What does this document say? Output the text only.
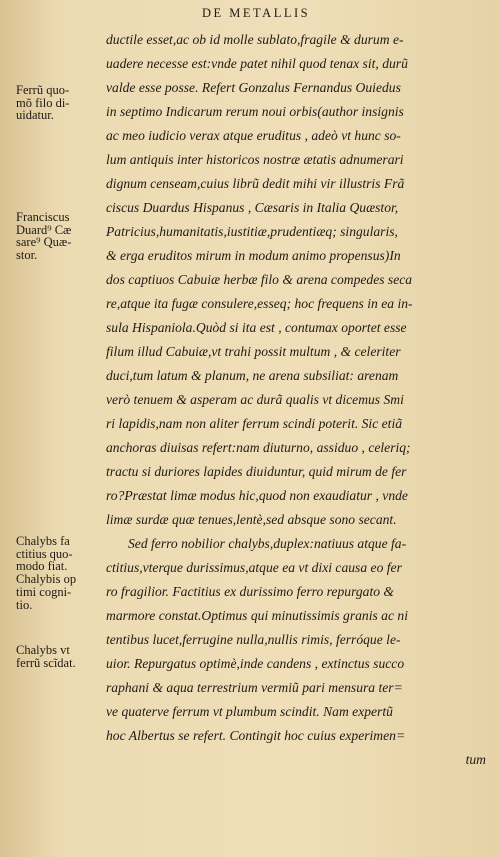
DE METALLIS
ductile esset,ac ob id molle sublato,fragile & durum e-
uadere necesse est:vnde patet nihil quod tenax sit, durũ
valde esse posse. Refert Gonzalus Fernandus Ouiedus
in septimo Indicarum rerum noui orbis(author insignis
ac meo iudicio verax atque eruditus , adeò vt hunc so-
lum antiquis inter historicos nostræ ætatis adnumerari
dignum censeam,cuius librũ dedit mihi vir illustris Frã
ciscus Duardus Hispanus , Cæsaris in Italia Quæstor,
Patricius,humanitatis,iustitiæ,prudentiæq; singularis,
& erga eruditos mirum in modum animo propensus)In
dos captiuos Cabuiæ herbæ filo & arena compedes seca
re,atque ita fugæ consulere,esseq; hoc frequens in ea in-
sula Hispaniola.Quòd si ita est , contumax oportet esse
filum illud Cabuiæ,vt trahi possit multum , & celeriter
duci,tum latum & planum, ne arena subsiliat: arenam
verò tenuem & asperam ac durã qualis vt dicemus Smi
ri lapidis,nam non aliter ferrum scindi poterit. Sic etiã
anchoras diuisas refert:nam diuturno, assiduo , celeriq;
tractu si duriores lapides diuiduntur, quid mirum de fer
ro?Præstat limæ modus hic,quod non exaudiatur , vnde
limæ surdæ quæ tenues,lentè,sed absque sono secant.
Sed ferro nobilior chalybs,duplex:natiuus atque fa-
ctitius,vterque durissimus,atque ea vt dixi causa eo fer
ro fragilior. Factitius ex durissimo ferro repurgato &
marmore constat.Optimus qui minutissimis granis ac ni
tentibus lucet,ferrugine nulla,nullis rimis, ferróque le-
uior. Repurgatus optimè,inde candens , extinctus succo
raphani & aqua terrestrium vermiũ pari mensura ter=
ve quaterve ferrum vt plumbum scindit. Nam expertũ
hoc Albertus se refert. Contingit hoc cuius experimen=
tum
Ferrũ quo-
mõ filo di-
uidatur.
Franciscus
Duard⁹ Cæ
sare⁹ Quæ-
stor.
Chalybs fa
ctitius quo-
modo fiat.
Chalybis op
timi cogni-
tio.
Chalybs vt
ferrũ scĩdat.
